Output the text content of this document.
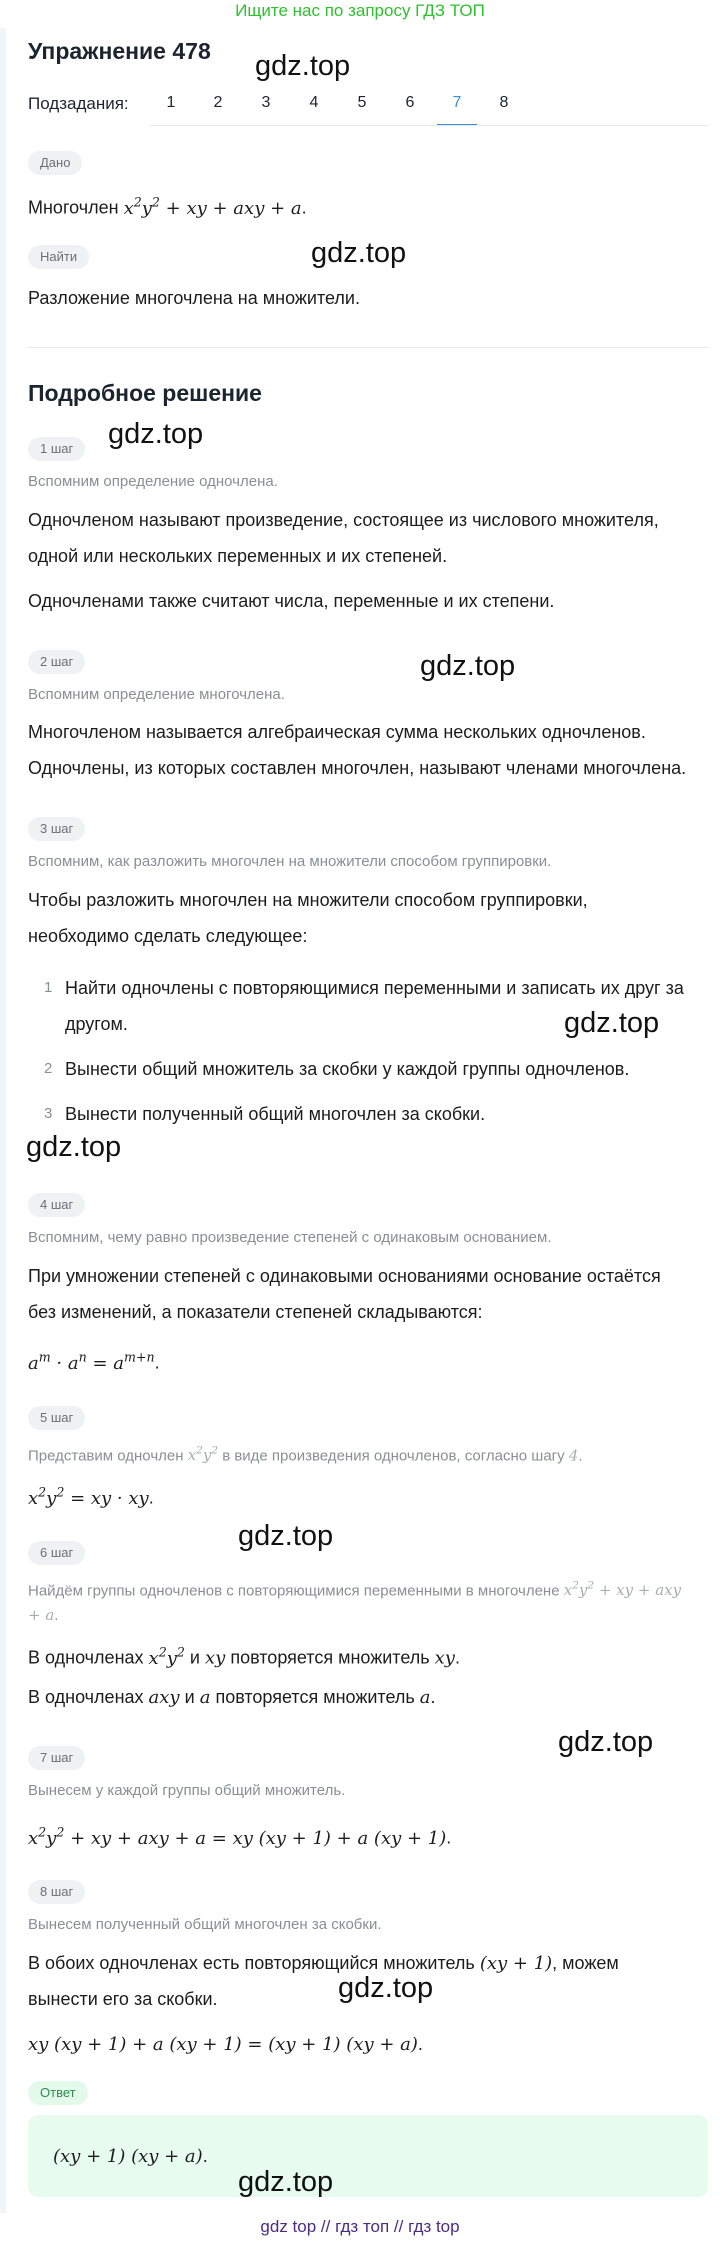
Ищите нас по запросу ГДЗ ТОП
Упражнение 478
Подзадания:	1	2	3	4	5	6	7	8
Дано
Многочлен $x^2y^2$ + xy + axy + a.
Найти
Разложение многочлена на множители.
Подробное решение
1 шаг
Вспомним определение одночлена.
Одночленом называют произведение, состоящее из числового множителя,
одной или нескольких переменных и их степеней.
Одночленами также считают числа, переменные и их степени.
2 шаг
Вспомним определение многочлена.
Многочленом называется алгебраическая сумма нескольких одночленов.
Одночлены, из которых составлен многочлен, называют членами многочлена.
3 шаг
Вспомним, как разложить многочлен на множители способом группировки.
Чтобы разложить многочлен на множители способом группировки,
необходимо сделать следующее:
1 Найти одночлены с повторяющимися переменными и записать их друг за
другом.
2 Вынести общий множитель за скобки у каждой группы одночленов.
3 Вынести полученный общий многочлен за скобки.
4 шаг
Вспомним, чему равно произведение степеней с одинаковым основанием.
При умножении степеней с одинаковыми основаниями основание остаётся
без изменений, а показатели степеней складываются:
$a^m \cdot a^n = a^{m+n}$.
5 шаг
Представим одночлен $x^2y^2$ в виде произведения одночленов, согласно шагу 4.
$x^2y^2$ = xy · xy.
6 шаг
Найдём группы одночленов с повторяющимися переменными в многочлене $x^2y^2$ + xy + axy + a.
В одночленах $x^2y^2$ и xy повторяется множитель xy.
В одночленах axy и a повторяется множитель a.
7 шаг
Вынесем у каждой группы общий множитель.
$x^2y^2$ + xy + axy + a = xy (xy + 1) + a (xy + 1).
8 шаг
Вынесем полученный общий многочлен за скобки.
В обоих одночленах есть повторяющийся множитель (xy + 1), можем
вынести его за скобки.
xy (xy + 1) + a (xy + 1) = (xy + 1) (xy + a).
Ответ
(xy + 1) (xy + a).
gdz.top
gdz.top
gdz.top
gdz.top
gdz.top
gdz.top
gdz.top
gdz.top
gdz.top
gdz.top
gdz top // гдз топ // гдз top
